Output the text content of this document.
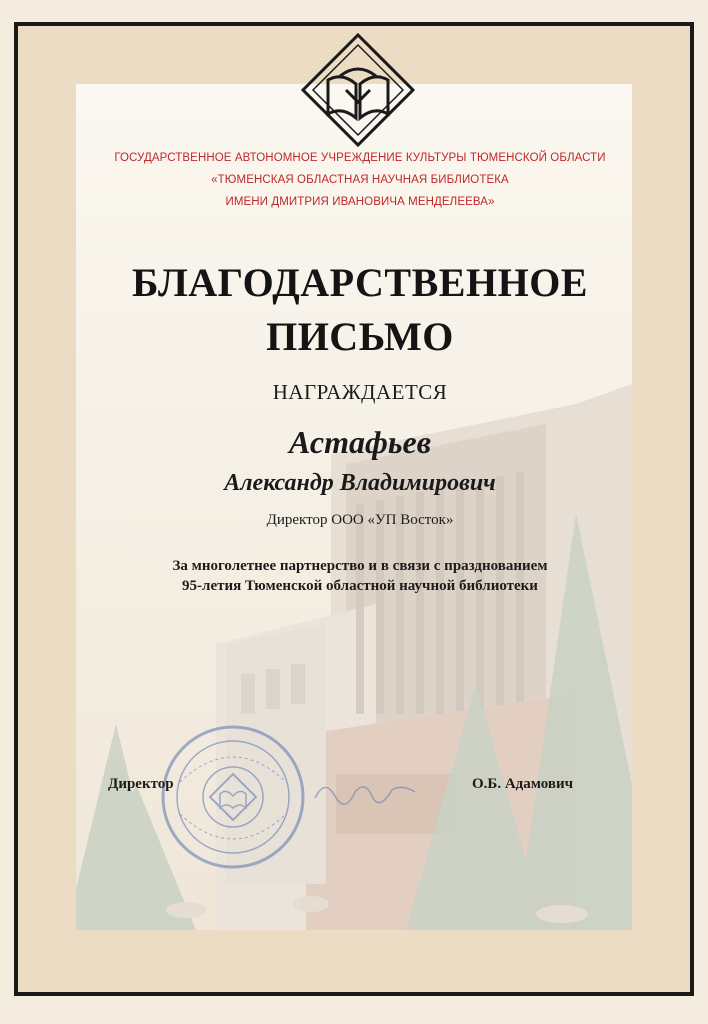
ГОСУДАРСТВЕННОЕ АВТОНОМНОЕ УЧРЕЖДЕНИЕ КУЛЬТУРЫ ТЮМЕНСКОЙ ОБЛАСТИ
«ТЮМЕНСКАЯ ОБЛАСТНАЯ НАУЧНАЯ БИБЛИОТЕКА
ИМЕНИ ДМИТРИЯ ИВАНОВИЧА МЕНДЕЛЕЕВА»
БЛАГОДАРСТВЕННОЕ
ПИСЬМО
НАГРАЖДАЕТСЯ
Астафьев
Александр Владимирович
Директор ООО «УП Восток»
За многолетнее партнерство и в связи с празднованием
95-летия Тюменской областной научной библиотеки
Директор	О.Б. Адамович
